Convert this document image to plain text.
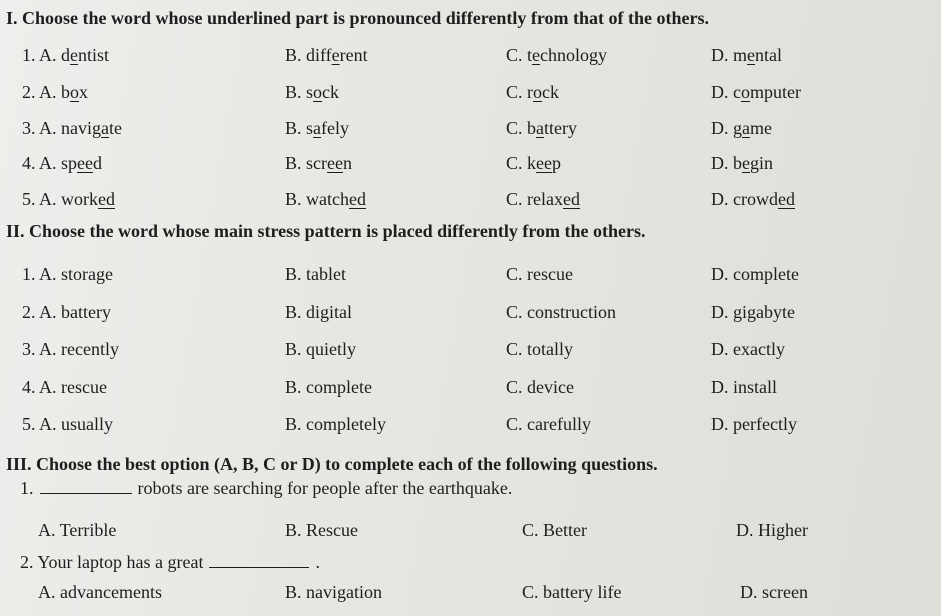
I. Choose the word whose underlined part is pronounced differently from that of the others.
1. A. dentist	B. different	C. technology	D. mental
2. A. box	B. sock	C. rock	D. computer
3. A. navigate	B. safely	C. battery	D. game
4. A. speed	B. screen	C. keep	D. begin
5. A. worked	B. watched	C. relaxed	D. crowded
II. Choose the word whose main stress pattern is placed differently from the others.
1. A. storage	B. tablet	C. rescue	D. complete
2. A. battery	B. digital	C. construction	D. gigabyte
3. A. recently	B. quietly	C. totally	D. exactly
4. A. rescue	B. complete	C. device	D. install
5. A. usually	B. completely	C. carefully	D. perfectly
III. Choose the best option (A, B, C or D) to complete each of the following questions.
1.	robots are searching for people after the earthquake.
A. Terrible	B. Rescue	C. Better	D. Higher
2. Your laptop has a great	.
A. advancements	B. navigation	C. battery life	D. screen
